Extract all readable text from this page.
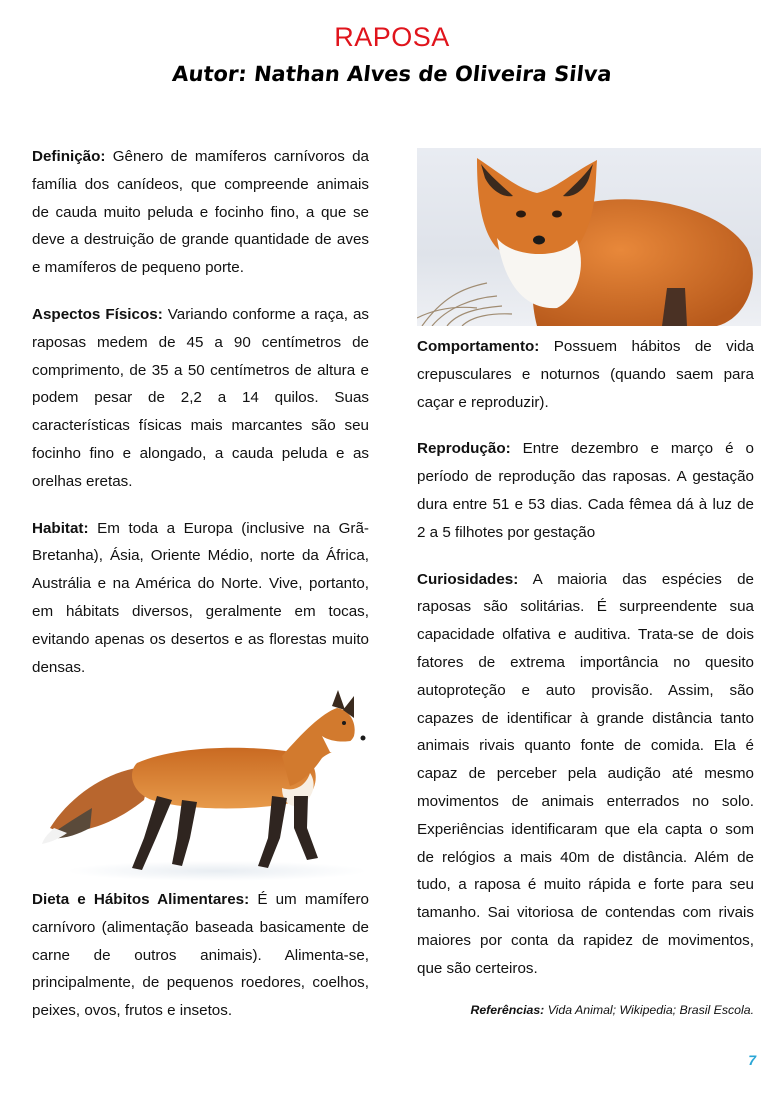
RAPOSA
Autor: Nathan Alves de Oliveira Silva

Definição: Gênero de mamíferos carnívoros da família dos canídeos, que compreende animais de cauda muito peluda e focinho fino, a que se deve a destruição de grande quantidade de aves e mamíferos de pequeno porte.

Aspectos Físicos: Variando conforme a raça, as raposas medem de 45 a 90 centímetros de comprimento, de 35 a 50 centímetros de altura e podem pesar de 2,2 a 14 quilos. Suas características físicas mais marcantes são seu focinho fino e alongado, a cauda peluda e as orelhas eretas.

Habitat: Em toda a Europa (inclusive na Grã-Bretanha), Ásia, Oriente Médio, norte da África, Austrália e na América do Norte. Vive, portanto, em hábitats diversos, geralmente em tocas, evitando apenas os desertos e as florestas muito densas.

Dieta e Hábitos Alimentares: É um mamífero carnívoro (alimentação baseada basicamente de carne de outros animais). Alimenta-se, principalmente, de pequenos roedores, coelhos, peixes, ovos, frutos e insetos.

Comportamento: Possuem hábitos de vida crepusculares e noturnos (quando saem para caçar e reproduzir).

Reprodução: Entre dezembro e março é o período de reprodução das raposas. A gestação dura entre 51 e 53 dias. Cada fêmea dá à luz de 2 a 5 filhotes por gestação

Curiosidades: A maioria das espécies de raposas são solitárias. É surpreendente sua capacidade olfativa e auditiva. Trata-se de dois fatores de extrema importância no quesito autoproteção e auto provisão. Assim, são capazes de identificar à grande distância tanto animais rivais quanto fonte de comida. Ela é capaz de perceber pela audição até mesmo movimentos de animais enterrados no solo. Experiências identificaram que ela capta o som de relógios a mais 40m de distância. Além de tudo, a raposa é muito rápida e forte para seu tamanho. Sai vitoriosa de contendas com rivais maiores por conta da rapidez de movimentos, que são certeiros.

Referências: Vida Animal; Wikipedia; Brasil Escola.
7
